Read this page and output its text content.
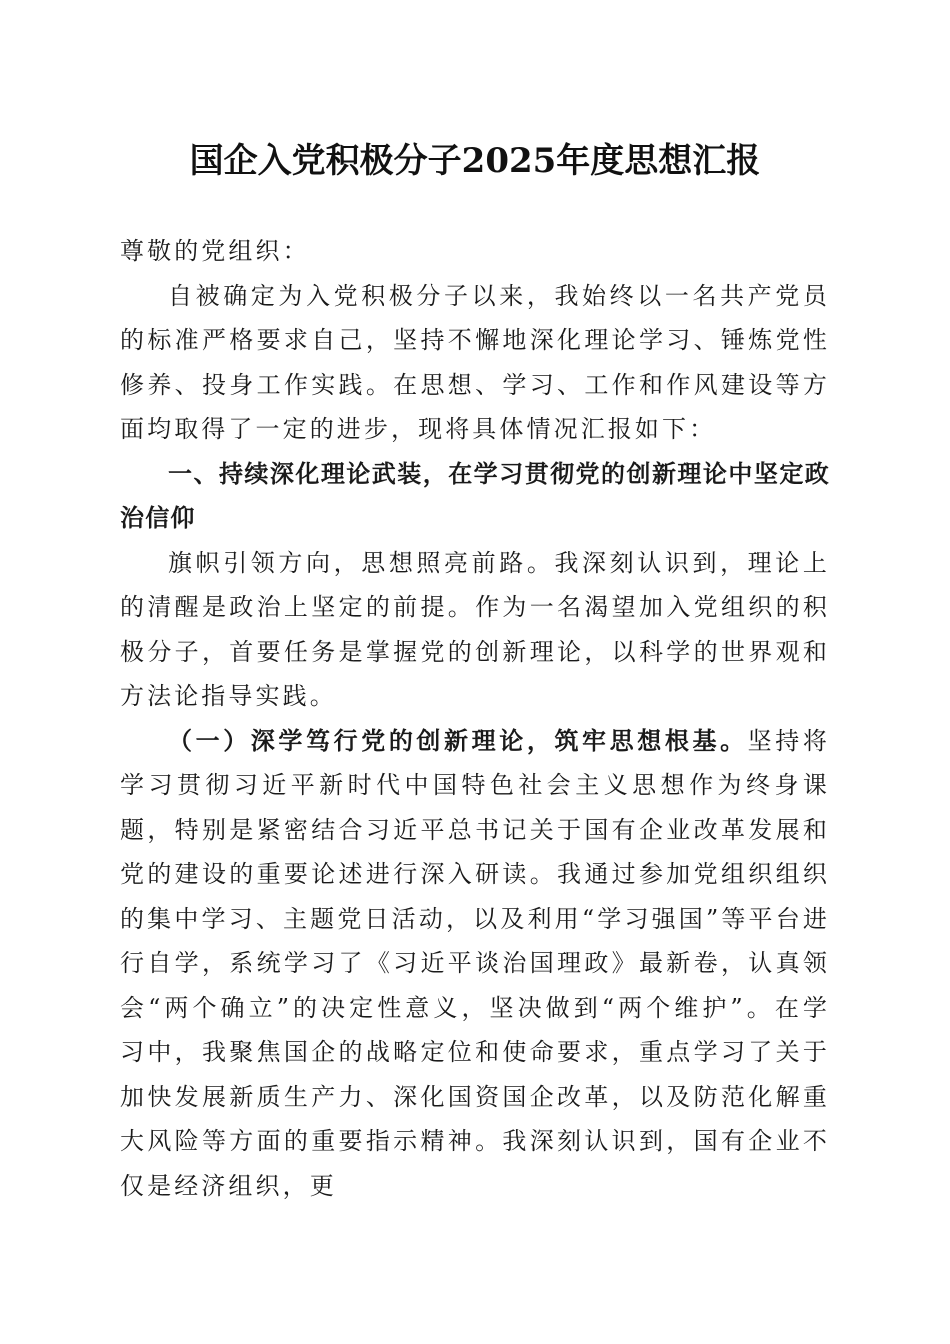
国企入党积极分子2025年度思想汇报

尊敬的党组织：

自被确定为入党积极分子以来，我始终以一名共产党员的标准严格要求自己，坚持不懈地深化理论学习、锤炼党性修养、投身工作实践。在思想、学习、工作和作风建设等方面均取得了一定的进步，现将具体情况汇报如下：

一、持续深化理论武装，在学习贯彻党的创新理论中坚定政治信仰

旗帜引领方向，思想照亮前路。我深刻认识到，理论上的清醒是政治上坚定的前提。作为一名渴望加入党组织的积极分子，首要任务是掌握党的创新理论，以科学的世界观和方法论指导实践。

（一）深学笃行党的创新理论，筑牢思想根基。坚持将学习贯彻习近平新时代中国特色社会主义思想作为终身课题，特别是紧密结合习近平总书记关于国有企业改革发展和党的建设的重要论述进行深入研读。我通过参加党组织组织的集中学习、主题党日活动，以及利用“学习强国”等平台进行自学，系统学习了《习近平谈治国理政》最新卷，认真领会“两个确立”的决定性意义，坚决做到“两个维护”。在学习中，我聚焦国企的战略定位和使命要求，重点学习了关于加快发展新质生产力、深化国资国企改革，以及防范化解重大风险等方面的重要指示精神。我深刻认识到，国有企业不仅是经济组织，更
